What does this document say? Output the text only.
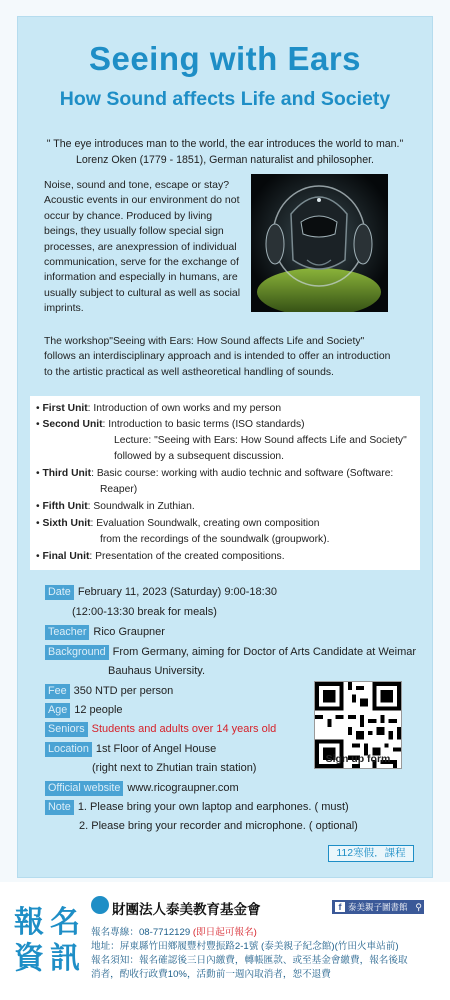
Seeing with Ears
How Sound affects Life and Society
" The eye introduces man to the world, the ear introduces the world to man."
Lorenz Oken (1779 - 1851), German naturalist and philosopher.
Noise, sound and tone, escape or stay?
Acoustic events in our environment do not
occur by chance. Produced by living
beings, they usually follow special sign
processes, are anexpression of individual
communication, serve for the exchange of
information and especially in humans, are
usually subject to cultural as well as social
imprints.
The workshop"Seeing with Ears: How Sound affects Life and Society"
follows an interdisciplinary approach and is intended to offer an introduction
to the artistic practical as well astheoretical handling of sounds.
• First Unit: Introduction of own works and my person
• Second Unit: Introduction to basic terms (ISO standards)
Lecture: "Seeing with Ears: How Sound affects Life and Society"
followed by a subsequent discussion.
• Third Unit: Basic course: working with audio technic and software (Software:
Reaper)
• Fifth Unit: Soundwalk in Zuthian.
• Sixth Unit: Evaluation Soundwalk, creating own composition
from the recordings of the soundwalk (groupwork).
• Final Unit: Presentation of the created compositions.
Date February 11, 2023 (Saturday) 9:00-18:30
(12:00-13:30 break for meals)
Teacher Rico Graupner
Background From Germany, aiming for Doctor of Arts Candidate at Weimar
Bauhaus University.
Fee 350 NTD per person
Age 12 people
Seniors Students and adults over 14 years old
Location 1st Floor of Angel House
(right next to Zhutian train station)
Official website www.ricograupner.com
Note 1. Please bring your own laptop and earphones. ( must)
2. Please bring your recorder and microphone. ( optional)
Sign up form
112寒假．課程
報 名
資 訊
財團法人泰美教育基金會	f 泰美親子圖書館 ⚲
報名專線：08-7712129 (即日起可報名)
地址：屏東縣竹田鄉履豐村豐振路2-1號 (泰美親子紀念館)(竹田火車站前)
報名須知：報名確認後三日內繳費，轉帳匯款、或至基金會繳費，報名後取
消者，酌收行政費10%，活動前一週內取消者，恕不退費
